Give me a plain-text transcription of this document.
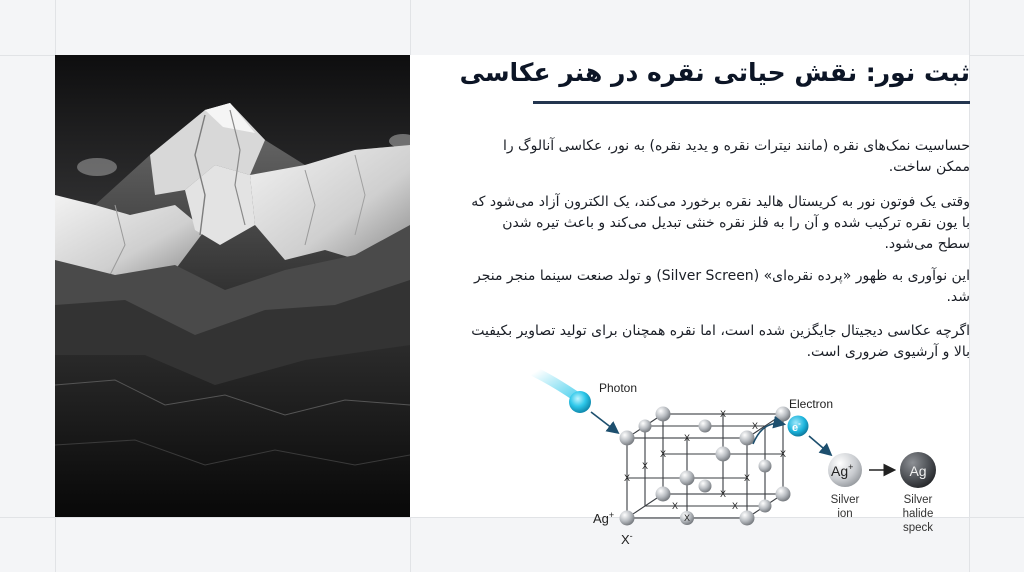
ثبت نور: نقش حیاتی نقره در هنر عکاسی

حساسیت نمک‌های نقره (مانند نیترات نقره و یدید نقره) به نور، عکاسی آنالوگ را ممکن ساخت.

وقتی یک فوتون نور به کریستال هالید نقره برخورد می‌کند، یک الکترون آزاد می‌شود که با یون نقره ترکیب شده و آن را به فلز نقره خنثی تبدیل می‌کند و باعث تیره شدن سطح می‌شود.

این نوآوری به ظهور «پرده نقره‌ای» (Silver Screen) و تولد صنعت سینما منجر منجر شد.

اگرچه عکاسی دیجیتال جایگزین شده است، اما نقره همچنان برای تولید تصاویر بکیفیت بالا و آرشیوی ضروری است.

Photon
X
X	X
X	X
X
X
X
X
X
X
X
Ag+
X-
Electron
e-
Ag+
Silver
ion
Ag
Silver
halide
speck
